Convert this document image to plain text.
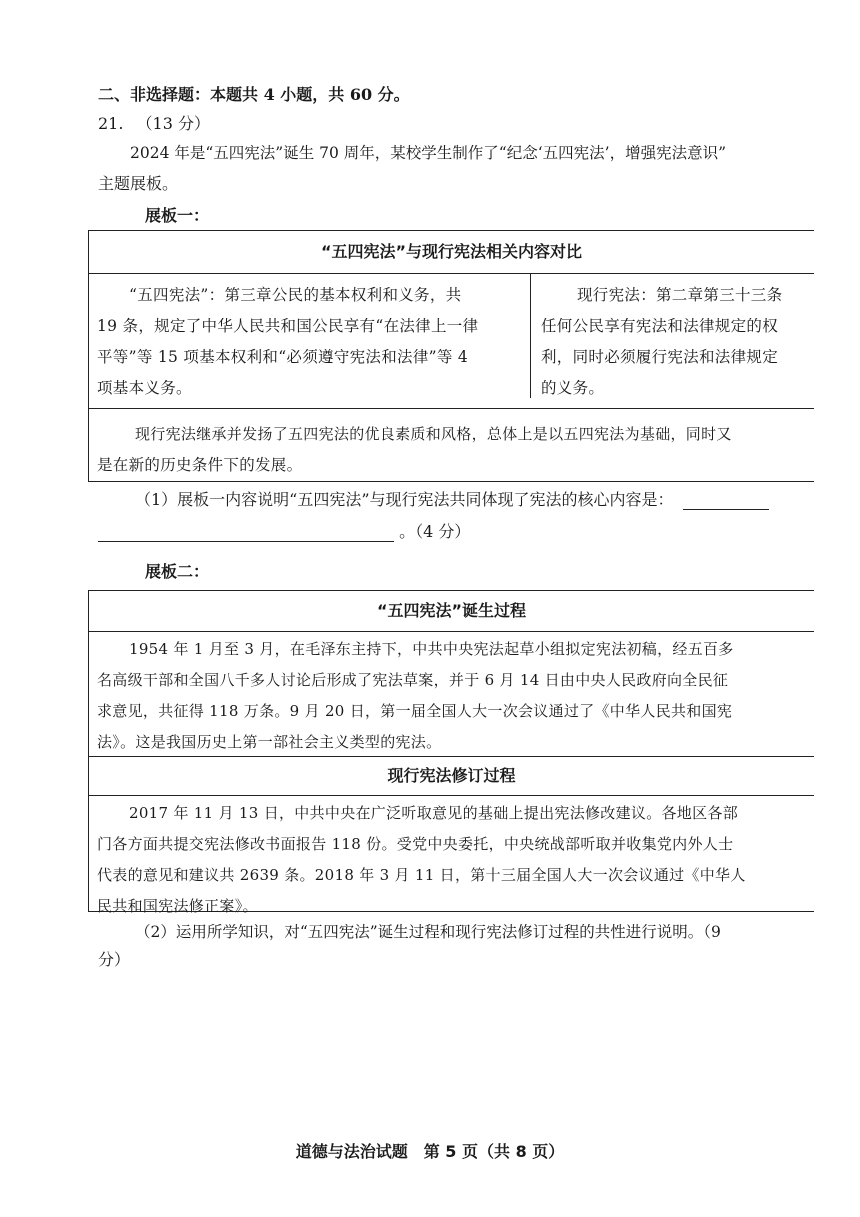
二、非选择题：本题共 4 小题，共 60 分。
21. （13 分）
2024 年是“五四宪法”诞生 70 周年，某校学生制作了“纪念‘五四宪法’，增强宪法意识”
主题展板。
展板一：
“五四宪法”与现行宪法相关内容对比
“五四宪法”：第三章公民的基本权利和义务，共
19 条，规定了中华人民共和国公民享有“在法律上一律
平等”等 15 项基本权利和“必须遵守宪法和法律”等 4
项基本义务。
现行宪法：第二章第三十三条
任何公民享有宪法和法律规定的权
利，同时必须履行宪法和法律规定
的义务。
现行宪法继承并发扬了五四宪法的优良素质和风格，总体上是以五四宪法为基础，同时又
是在新的历史条件下的发展。
（1）展板一内容说明“五四宪法”与现行宪法共同体现了宪法的核心内容是：
。（4 分）
展板二：
“五四宪法”诞生过程
1954 年 1 月至 3 月，在毛泽东主持下，中共中央宪法起草小组拟定宪法初稿，经五百多
名高级干部和全国八千多人讨论后形成了宪法草案，并于 6 月 14 日由中央人民政府向全民征
求意见，共征得 118 万条。9 月 20 日，第一届全国人大一次会议通过了《中华人民共和国宪
法》。这是我国历史上第一部社会主义类型的宪法。
现行宪法修订过程
2017 年 11 月 13 日，中共中央在广泛听取意见的基础上提出宪法修改建议。各地区各部
门各方面共提交宪法修改书面报告 118 份。受党中央委托，中央统战部听取并收集党内外人士
代表的意见和建议共 2639 条。2018 年 3 月 11 日，第十三届全国人大一次会议通过《中华人
民共和国宪法修正案》。
（2）运用所学知识，对“五四宪法”诞生过程和现行宪法修订过程的共性进行说明。（9
分）
道德与法治试题　第 5 页（共 8 页）
